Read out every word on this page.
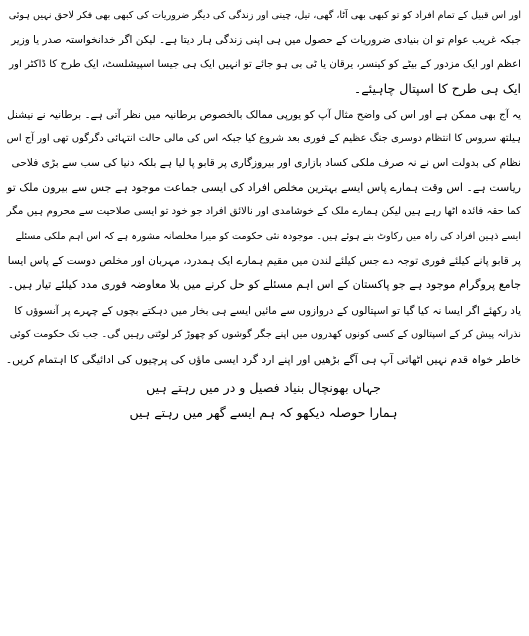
اور اس قبیل کے تمام افراد کو تو کبھی بھی آٹا، گھی، تیل، چینی اور زندگی کی دیگر ضروریات کی کبھی بھی فکر لاحق نہیں ہوئی
جبکہ غریب عوام تو ان بنیادی ضروریات کے حصول میں ہی اپنی زندگی ہار دیتا ہے۔ لیکن اگر خدانخواستہ صدر یا وزیر
اعظم اور ایک مزدور کے بیٹے کو کینسر، یرقان یا ٹی بی ہو جائے تو انہیں ایک ہی جیسا اسپیشلسٹ، ایک طرح کا ڈاکٹر اور
ایک ہی طرح کا اسپتال چاہیئے۔

یہ آج بھی ممکن ہے اور اس کی واضح مثال آپ کو یورپی ممالک بالخصوص برطانیہ میں نظر آتی ہے۔ برطانیہ نے نیشنل
ہیلتھ سروس کا انتظام دوسری جنگ عظیم کے فوری بعد شروع کیا جبکہ اس کی مالی حالت انتہائی دگرگوں تھی اور آج اس
نظام کی بدولت اس نے نہ صرف ملکی کساد بازاری اور بیروزگاری پر قابو پا لیا ہے بلکہ دنیا کی سب سے بڑی فلاحی
ریاست ہے۔ اس وقت ہمارے پاس ایسے بہترین مخلص افراد کی ایسی جماعت موجود ہے جس سے بیرون ملک تو
کما حقہ فائدہ اٹھا رہے ہیں لیکن ہمارے ملک کے خوشامدی اور نالائق افراد جو خود تو ایسی صلاحیت سے محروم ہیں مگر
ایسے ذہین افراد کی راہ میں رکاوٹ بنے ہوئے ہیں۔ موجودہ نئی حکومت کو میرا مخلصانہ مشورہ ہے کہ اس اہم ملکی مسئلے
پر قابو پانے کیلئے فوری توجہ دے جس کیلئے لندن میں مقیم ہمارے ایک ہمدرد، مہربان اور مخلص دوست کے پاس ایسا
جامع پروگرام موجود ہے جو پاکستان کے اس اہم مسئلے کو حل کرنے میں بلا معاوضہ فوری مدد کیلئے تیار ہیں۔

یاد رکھئے اگر ایسا نہ کیا گیا تو اسپتالوں کے دروازوں سے مائیں ایسے ہی بخار میں دہکتے بچوں کے چہرے پر آنسوؤں کا
نذرانہ پیش کر کے اسپتالوں کے کسی کونوں کھدروں میں اپنے جگر گوشوں کو چھوڑ کر لوٹتی رہیں گی۔ جب تک حکومت کوئی
خاطر خواہ قدم نہیں اٹھاتی آپ ہی آگے بڑھیں اور اپنے ارد گرد ایسی ماؤں کی پرچیوں کی ادائیگی کا اہتمام کریں۔

جہاں بھونچال بنیاد فصیل و در میں رہتے ہیں
ہمارا حوصلہ دیکھو کہ ہم ایسے گھر میں رہتے ہیں
